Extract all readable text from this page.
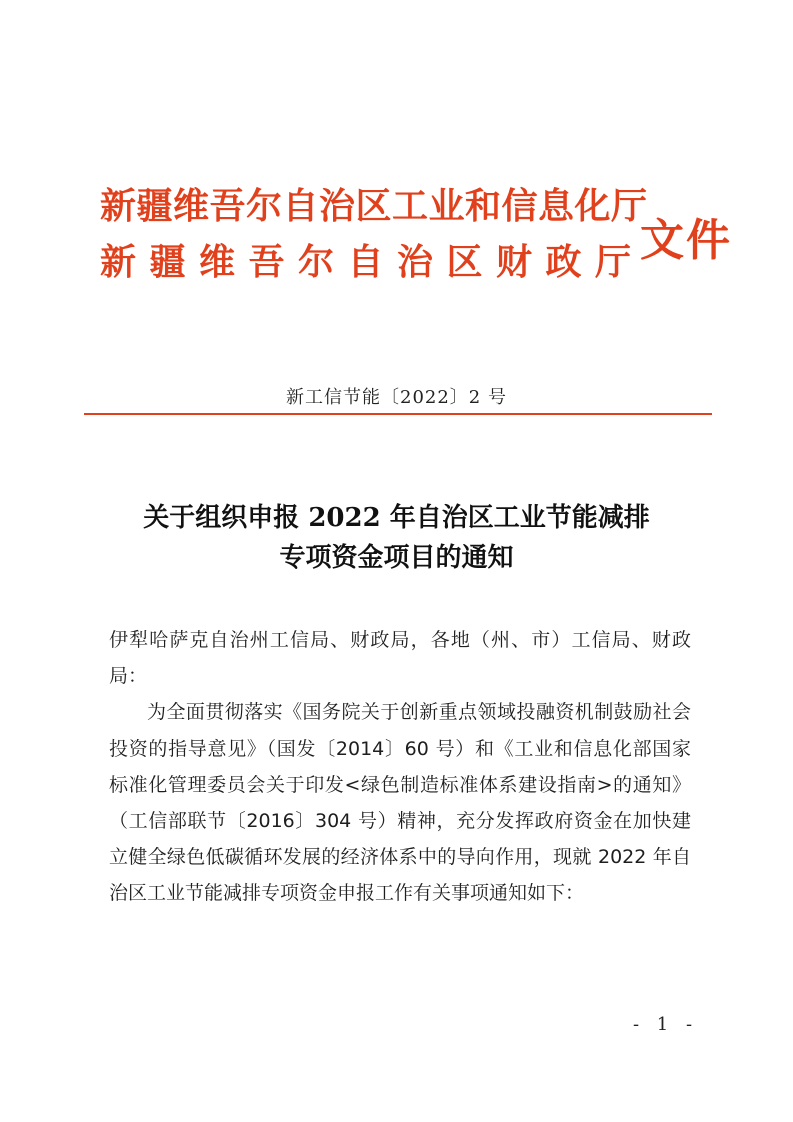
新疆维吾尔自治区工业和信息化厅
新疆维吾尔自治区财政厅
文件
新工信节能〔2022〕2 号
关于组织申报 2022 年自治区工业节能减排
专项资金项目的通知

伊犁哈萨克自治州工信局、财政局，各地（州、市）工信局、财政局：

为全面贯彻落实《国务院关于创新重点领域投融资机制鼓励社会投资的指导意见》（国发〔2014〕60 号）和《工业和信息化部国家标准化管理委员会关于印发<绿色制造标准体系建设指南>的通知》（工信部联节〔2016〕304 号）精神，充分发挥政府资金在加快建立健全绿色低碳循环发展的经济体系中的导向作用，现就 2022 年自治区工业节能减排专项资金申报工作有关事项通知如下：

- 1 -
